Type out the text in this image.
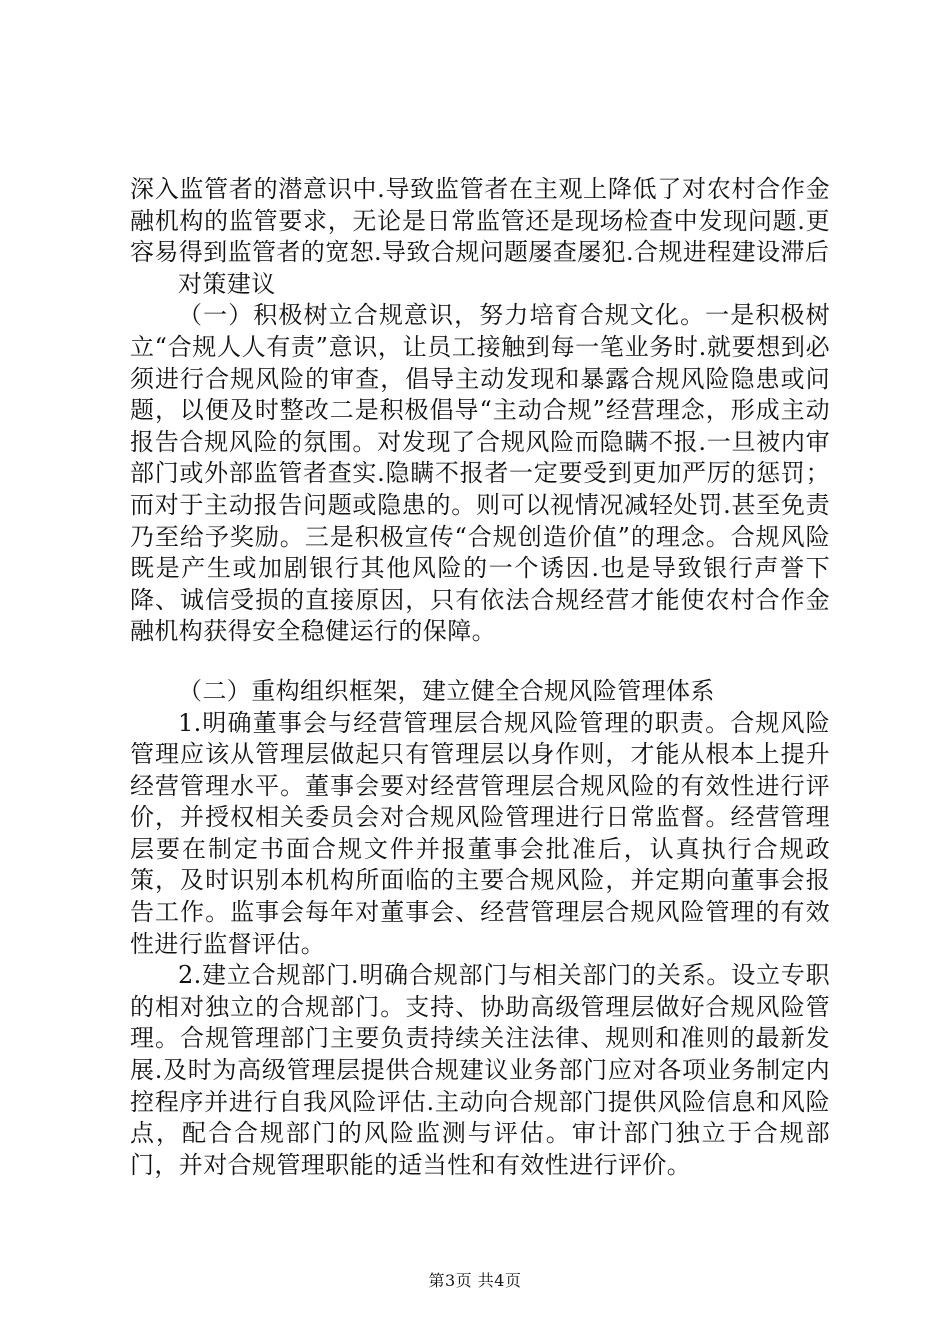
深入监管者的潜意识中.导致监管者在主观上降低了对农村合作金融机构的监管要求，无论是日常监管还是现场检查中发现问题.更容易得到监管者的宽恕.导致合规问题屡查屡犯.合规进程建设滞后

对策建议

（一）积极树立合规意识，努力培育合规文化。一是积极树立“合规人人有责”意识，让员工接触到每一笔业务时.就要想到必须进行合规风险的审查，倡导主动发现和暴露合规风险隐患或问题，以便及时整改二是积极倡导“主动合规”经营理念，形成主动报告合规风险的氛围。对发现了合规风险而隐瞒不报.一旦被内审部门或外部监管者查实.隐瞒不报者一定要受到更加严厉的惩罚；而对于主动报告问题或隐患的。则可以视情况减轻处罚.甚至免责乃至给予奖励。三是积极宣传“合规创造价值”的理念。合规风险既是产生或加剧银行其他风险的一个诱因.也是导致银行声誉下降、诚信受损的直接原因，只有依法合规经营才能使农村合作金融机构获得安全稳健运行的保障。

（二）重构组织框架，建立健全合规风险管理体系

1.明确董事会与经营管理层合规风险管理的职责。合规风险管理应该从管理层做起只有管理层以身作则，才能从根本上提升经营管理水平。董事会要对经营管理层合规风险的有效性进行评价，并授权相关委员会对合规风险管理进行日常监督。经营管理层要在制定书面合规文件并报董事会批准后，认真执行合规政策，及时识别本机构所面临的主要合规风险，并定期向董事会报告工作。监事会每年对董事会、经营管理层合规风险管理的有效性进行监督评估。

2.建立合规部门.明确合规部门与相关部门的关系。设立专职的相对独立的合规部门。支持、协助高级管理层做好合规风险管理。合规管理部门主要负责持续关注法律、规则和准则的最新发展.及时为高级管理层提供合规建议业务部门应对各项业务制定内控程序并进行自我风险评估.主动向合规部门提供风险信息和风险点，配合合规部门的风险监测与评估。审计部门独立于合规部门，并对合规管理职能的适当性和有效性进行评价。

第3页 共4页
